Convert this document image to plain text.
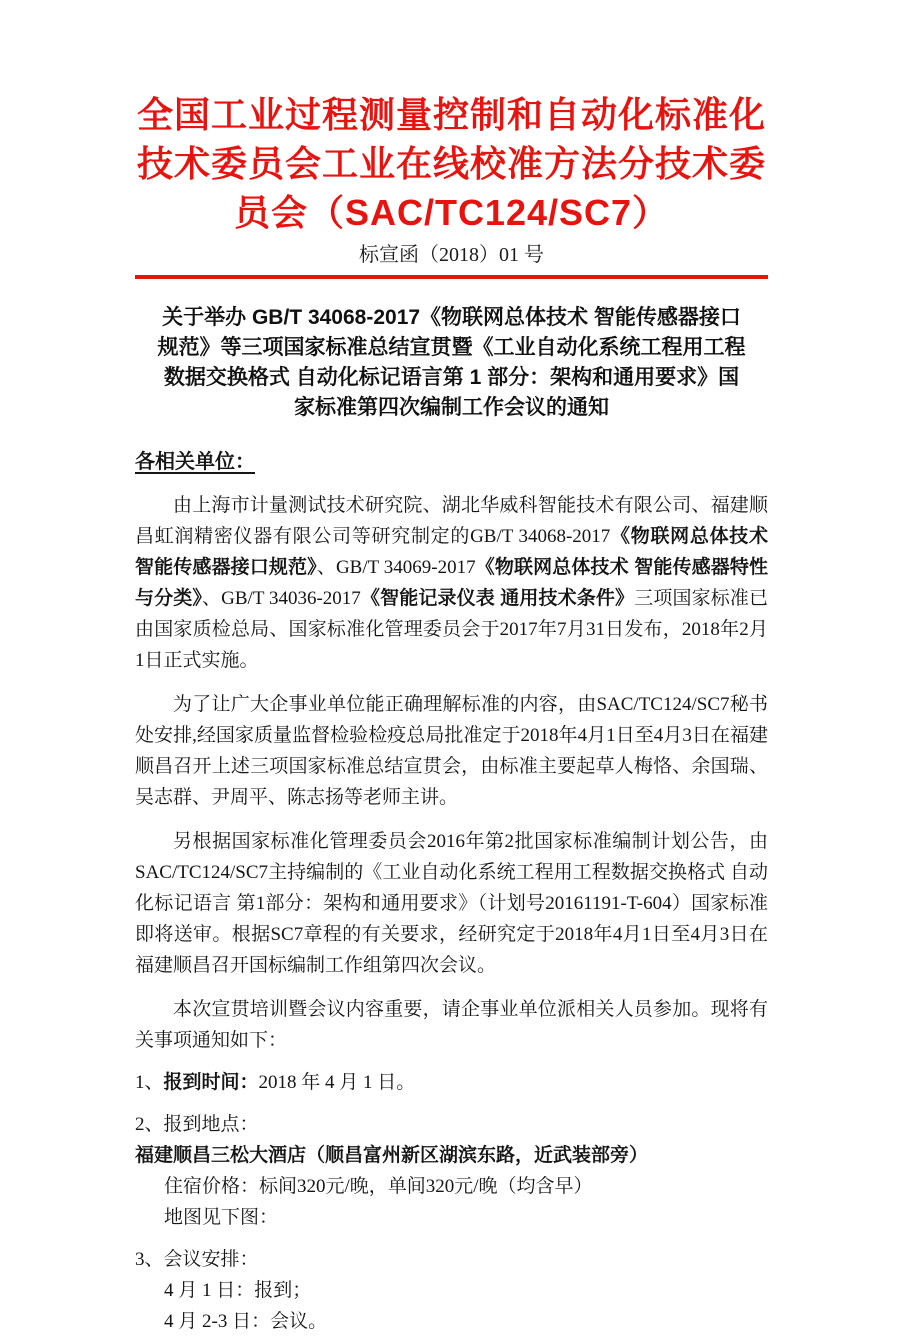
全国工业过程测量控制和自动化标准化
技术委员会工业在线校准方法分技术委
员会（SAC/TC124/SC7）
标宣函（2018）01 号
关于举办 GB/T 34068-2017《物联网总体技术 智能传感器接口
规范》等三项国家标准总结宣贯暨《工业自动化系统工程用工程
数据交换格式 自动化标记语言第 1 部分：架构和通用要求》国
家标准第四次编制工作会议的通知
各相关单位：

由上海市计量测试技术研究院、湖北华威科智能技术有限公司、福建顺昌虹润精密仪器有限公司等研究制定的GB/T 34068-2017《物联网总体技术 智能传感器接口规范》、GB/T 34069-2017《物联网总体技术 智能传感器特性与分类》、GB/T 34036-2017《智能记录仪表 通用技术条件》三项国家标准已由国家质检总局、国家标准化管理委员会于2017年7月31日发布，2018年2月1日正式实施。

为了让广大企事业单位能正确理解标准的内容，由SAC/TC124/SC7秘书处安排,经国家质量监督检验检疫总局批准定于2018年4月1日至4月3日在福建顺昌召开上述三项国家标准总结宣贯会，由标准主要起草人梅恪、余国瑞、吴志群、尹周平、陈志扬等老师主讲。

另根据国家标准化管理委员会2016年第2批国家标准编制计划公告，由SAC/TC124/SC7主持编制的《工业自动化系统工程用工程数据交换格式 自动化标记语言 第1部分：架构和通用要求》（计划号20161191-T-604）国家标准即将送审。根据SC7章程的有关要求，经研究定于2018年4月1日至4月3日在福建顺昌召开国标编制工作组第四次会议。

本次宣贯培训暨会议内容重要，请企事业单位派相关人员参加。现将有关事项通知如下：

1、报到时间：2018 年 4 月 1 日。
2、报到地点：福建顺昌三松大酒店（顺昌富州新区湖滨东路，近武装部旁）
住宿价格：标间320元/晚，单间320元/晚（均含早）
地图见下图：
3、会议安排：
4 月 1 日：报到；
4 月 2-3 日：会议。
